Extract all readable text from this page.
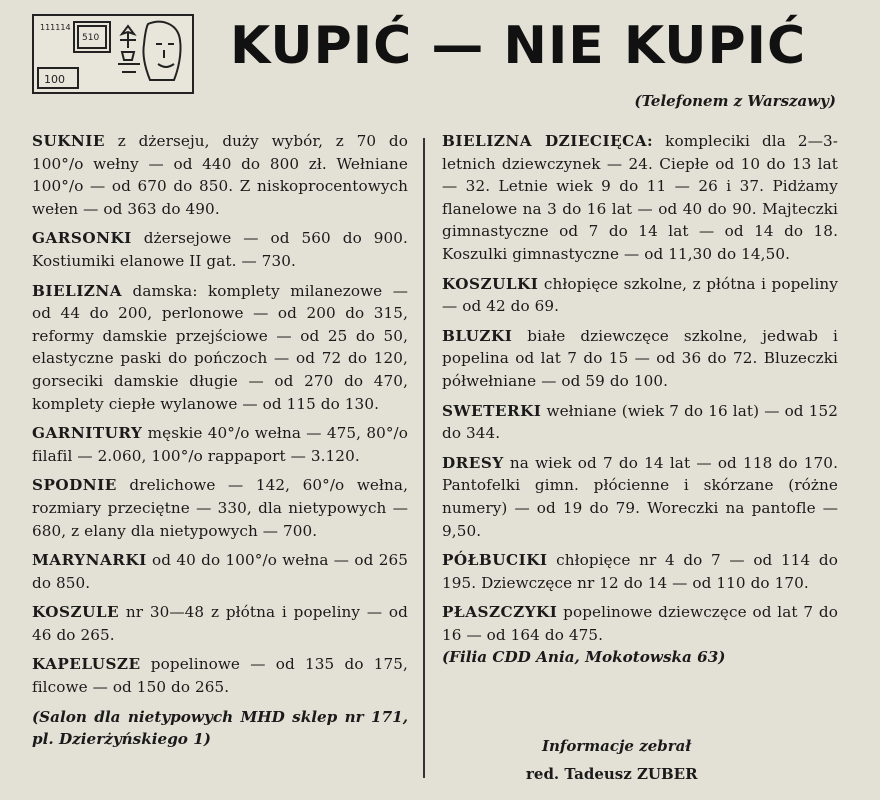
111114
510
100
KUPIĆ — NIE KUPIĆ
(Telefonem z Warszawy)

SUKNIE z dżerseju, duży wybór, z 70 do 100°/o wełny — od 440 do 800 zł. Wełniane 100°/o — od 670 do 850. Z niskoprocentowych wełen — od 363 do 490.

GARSONKI dżersejowe — od 560 do 900. Kostiumiki elanowe II gat. — 730.

BIELIZNA damska: komplety milanezowe — od 44 do 200, perlonowe — od 200 do 315, reformy damskie przejściowe — od 25 do 50, elastyczne paski do pończoch — od 72 do 120, gorseciki damskie długie — od 270 do 470, komplety ciepłe wylanowe — od 115 do 130.

GARNITURY męskie 40°/o wełna — 475, 80°/o filafil — 2.060, 100°/o rappaport — 3.120.

SPODNIE drelichowe — 142, 60°/o wełna, rozmiary przeciętne — 330, dla nietypowych — 680, z elany dla nietypowych — 700.

MARYNARKI od 40 do 100°/o wełna — od 265 do 850.

KOSZULE nr 30—48 z płótna i popeliny — od 46 do 265.

KAPELUSZE popelinowe — od 135 do 175, filcowe — od 150 do 265.

(Salon dla nietypowych MHD sklep nr 171, pl. Dzierżyńskiego 1)

BIELIZNA DZIECIĘCA: kompleciki dla 2—3-letnich dziewczynek — 24. Ciepłe od 10 do 13 lat — 32. Letnie wiek 9 do 11 — 26 i 37. Pidżamy flanelowe na 3 do 16 lat — od 40 do 90. Majteczki gimnastyczne od 7 do 14 lat — od 14 do 18. Koszulki gimnastyczne — od 11,30 do 14,50.

KOSZULKI chłopięce szkolne, z płótna i popeliny — od 42 do 69.

BLUZKI białe dziewczęce szkolne, jedwab i popelina od lat 7 do 15 — od 36 do 72. Bluzeczki półwełniane — od 59 do 100.

SWETERKI wełniane (wiek 7 do 16 lat) — od 152 do 344.

DRESY na wiek od 7 do 14 lat — od 118 do 170. Pantofelki gimn. płócienne i skórzane (różne numery) — od 19 do 79. Woreczki na pantofle — 9,50.

PÓŁBUCIKI chłopięce nr 4 do 7 — od 114 do 195. Dziewczęce nr 12 do 14 — od 110 do 170.

PŁASZCZYKI popelinowe dziewczęce od lat 7 do 16 — od 164 do 475.

(Filia CDD Ania, Mokotowska 63)

Informacje zebrał
red. Tadeusz ZUBER
